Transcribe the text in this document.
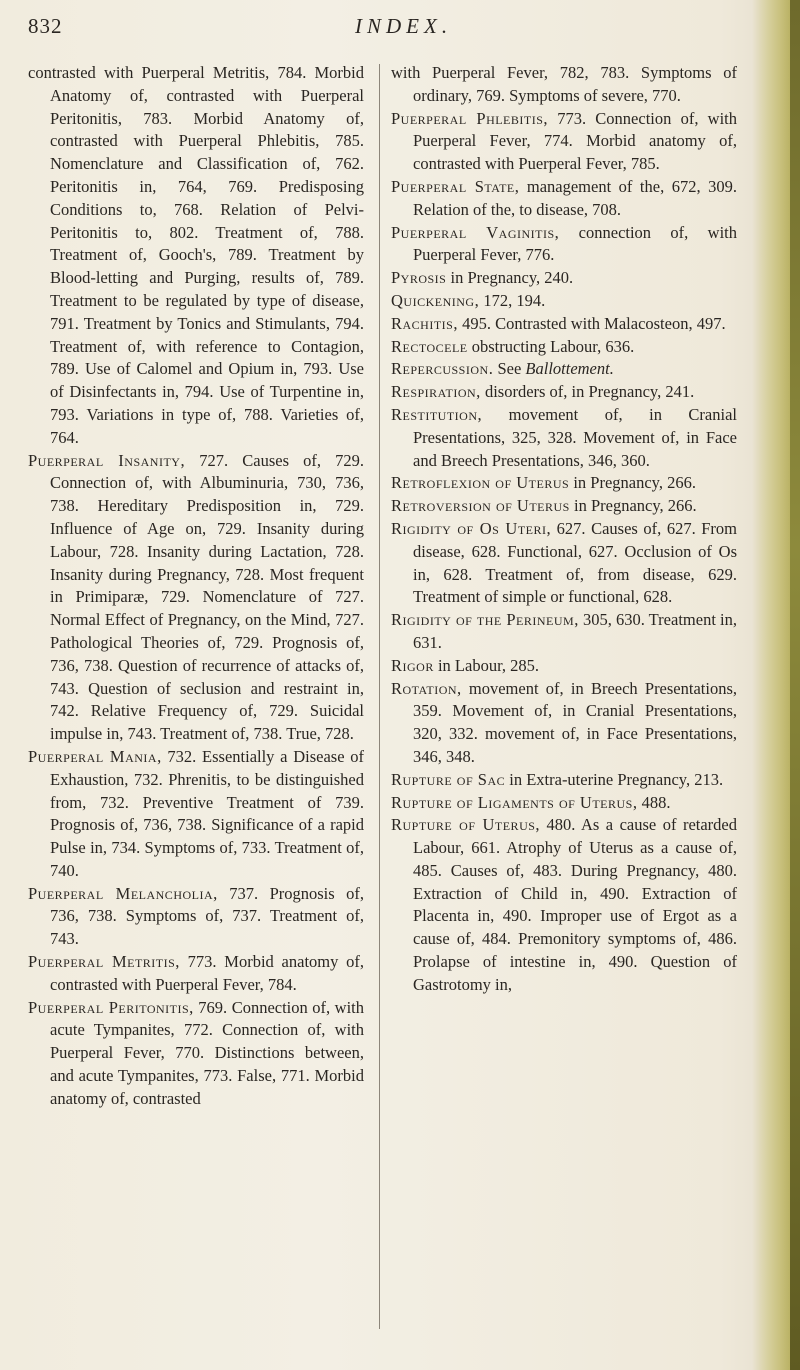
832	INDEX.

contrasted with Puerperal Metritis, 784. Morbid Anatomy of, contrasted with Puerperal Peritonitis, 783. Morbid Anatomy of, contrasted with Puerperal Phlebitis, 785. Nomenclature and Classification of, 762. Peritonitis in, 764, 769. Predisposing Conditions to, 768. Relation of Pelvi-Peritonitis to, 802. Treatment of, 788. Treatment of, Gooch's, 789. Treatment by Blood-letting and Purging, results of, 789. Treatment to be regulated by type of disease, 791. Treatment by Tonics and Stimulants, 794. Treatment of, with reference to Contagion, 789. Use of Calomel and Opium in, 793. Use of Disinfectants in, 794. Use of Turpentine in, 793. Variations in type of, 788. Varieties of, 764.

Puerperal Insanity, 727. Causes of, 729. Connection of, with Albuminuria, 730, 736, 738. Hereditary Predisposition in, 729. Influence of Age on, 729. Insanity during Labour, 728. Insanity during Lactation, 728. Insanity during Pregnancy, 728. Most frequent in Primiparæ, 729. Nomenclature of 727. Normal Effect of Pregnancy, on the Mind, 727. Pathological Theories of, 729. Prognosis of, 736, 738. Question of recurrence of attacks of, 743. Question of seclusion and restraint in, 742. Relative Frequency of, 729. Suicidal impulse in, 743. Treatment of, 738. True, 728.

Puerperal Mania, 732. Essentially a Disease of Exhaustion, 732. Phrenitis, to be distinguished from, 732. Preventive Treatment of 739. Prognosis of, 736, 738. Significance of a rapid Pulse in, 734. Symptoms of, 733. Treatment of, 740.

Puerperal Melancholia, 737. Prognosis of, 736, 738. Symptoms of, 737. Treatment of, 743.

Puerperal Metritis, 773. Morbid anatomy of, contrasted with Puerperal Fever, 784.

Puerperal Peritonitis, 769. Connection of, with acute Tympanites, 772. Connection of, with Puerperal Fever, 770. Distinctions between, and acute Tympanites, 773. False, 771. Morbid anatomy of, contrasted

with Puerperal Fever, 782, 783. Symptoms of ordinary, 769. Symptoms of severe, 770.

Puerperal Phlebitis, 773. Connection of, with Puerperal Fever, 774. Morbid anatomy of, contrasted with Puerperal Fever, 785.

Puerperal State, management of the, 672, 309. Relation of the, to disease, 708.

Puerperal Vaginitis, connection of, with Puerperal Fever, 776.

Pyrosis in Pregnancy, 240.

Quickening, 172, 194.

Rachitis, 495. Contrasted with Malacosteon, 497.

Rectocele obstructing Labour, 636.

Repercussion. See Ballottement.

Respiration, disorders of, in Pregnancy, 241.

Restitution, movement of, in Cranial Presentations, 325, 328. Movement of, in Face and Breech Presentations, 346, 360.

Retroflexion of Uterus in Pregnancy, 266.

Retroversion of Uterus in Pregnancy, 266.

Rigidity of Os Uteri, 627. Causes of, 627. From disease, 628. Functional, 627. Occlusion of Os in, 628. Treatment of, from disease, 629. Treatment of simple or functional, 628.

Rigidity of the Perineum, 305, 630. Treatment in, 631.

Rigor in Labour, 285.

Rotation, movement of, in Breech Presentations, 359. Movement of, in Cranial Presentations, 320, 332. movement of, in Face Presentations, 346, 348.

Rupture of Sac in Extra-uterine Pregnancy, 213.

Rupture of Ligaments of Uterus, 488.

Rupture of Uterus, 480. As a cause of retarded Labour, 661. Atrophy of Uterus as a cause of, 485. Causes of, 483. During Pregnancy, 480. Extraction of Child in, 490. Extraction of Placenta in, 490. Improper use of Ergot as a cause of, 484. Premonitory symptoms of, 486. Prolapse of intestine in, 490. Question of Gastrotomy in,
